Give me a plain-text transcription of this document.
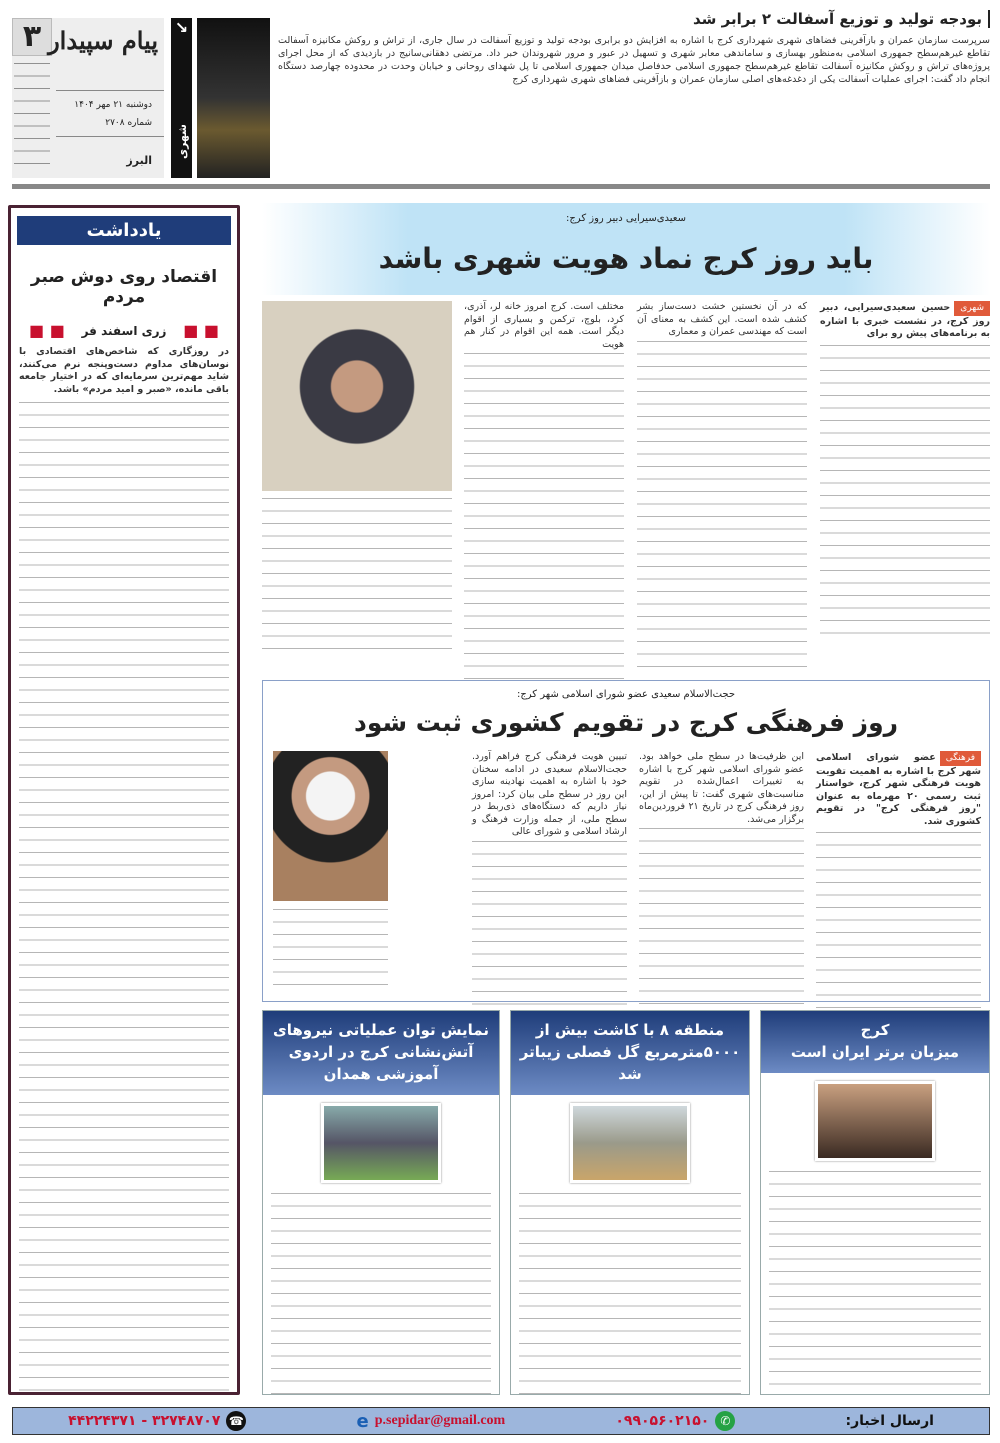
۳ پیام سپیدار
دوشنبه ۲۱ مهر ۱۴۰۴
شماره ۲۷۰۸
البرز
↘
شهری
بودجه تولید و توزیع آسفالت ۲ برابر شد
سرپرست سازمان عمران و بازآفرینی فضاهای شهری شهرداری کرج با اشاره به افزایش دو برابری بودجه تولید و توزیع آسفالت در سال جاری، از تراش و روکش مکانیزه آسفالت تقاطع غیرهم‌سطح جمهوری اسلامی به‌منظور بهسازی و ساماندهی معابر شهری و تسهیل در عبور و مرور شهروندان خبر داد. مرتضی دهقانی‌سانیج در بازدیدی که از محل اجرای پروژه‌های تراش و روکش مکانیزه آسفالت تقاطع غیرهم‌سطح جمهوری اسلامی حدفاصل میدان جمهوری اسلامی تا پل شهدای روحانی و خیابان وحدت در محدوده چهارصد دستگاه انجام داد گفت: اجرای عملیات آسفالت یکی از دغدغه‌های اصلی سازمان عمران و بازآفرینی فضاهای شهری شهرداری کرج
یادداشت
اقتصاد روی دوش صبر مردم
■ ■
زری اسفند فر
■ ■
در روزگاری که شاخص‌های اقتصادی با نوسان‌های مداوم دست‌وپنجه نرم می‌کنند، شاید مهم‌ترین سرمایه‌ای که در اختیار جامعه باقی مانده، «صبر و امید مردم» باشد.
سعیدی‌سیرایی دبیر روز کرج:
باید روز کرج نماد هویت شهری باشد
شهریحسین سعیدی‌سیرایی، دبیر روز کرج، در نشست خبری با اشاره به برنامه‌های پیش رو برای
که در آن نخستین خشت دست‌ساز بشر کشف شده است. این کشف به معنای آن است که مهندسی عمران و معماری
مختلف است. کرج امروز خانه لر، آذری، کرد، بلوچ، ترکمن و بسیاری از اقوام دیگر است. همه این اقوام در کنار هم هویت
حجت‌الاسلام سعیدی عضو شورای اسلامی شهر کرج:
روز فرهنگی کرج در تقویم کشوری ثبت شود
فرهنگیعضو شورای اسلامی شهر کرج با اشاره به اهمیت تقویت هویت فرهنگی شهر کرج، خواستار ثبت رسمی ۲۰ مهرماه به عنوان "روز فرهنگی کرج" در تقویم کشوری شد.
این ظرفیت‌ها در سطح ملی خواهد بود. عضو شورای اسلامی شهر کرج با اشاره به تغییرات اعمال‌شده در تقویم مناسبت‌های شهری گفت: تا پیش از این، روز فرهنگی کرج در تاریخ ۲۱ فروردین‌ماه برگزار می‌شد.
تبیین هویت فرهنگی کرج فراهم آورد. حجت‌الاسلام سعیدی در ادامه سخنان خود با اشاره به اهمیت نهادینه سازی این روز در سطح ملی بیان کرد: امروز نیاز داریم که دستگاه‌های ذی‌ربط در سطح ملی، از جمله وزارت فرهنگ و ارشاد اسلامی و شورای عالی
کرج
میزبان برتر ایران است
منطقه ۸ با کاشت بیش از
۵۰۰۰مترمربع گل فصلی زیباتر شد
نمایش توان عملیاتی نیروهای
آتش‌نشانی کرج در اردوی آموزشی همدان
ارسال اخبار:
✆
۰۹۹۰۵۶۰۲۱۵۰
e p.sepidar@gmail.com
☎
۳۲۷۴۸۷۰۷ - ۴۴۲۲۴۳۷۱
